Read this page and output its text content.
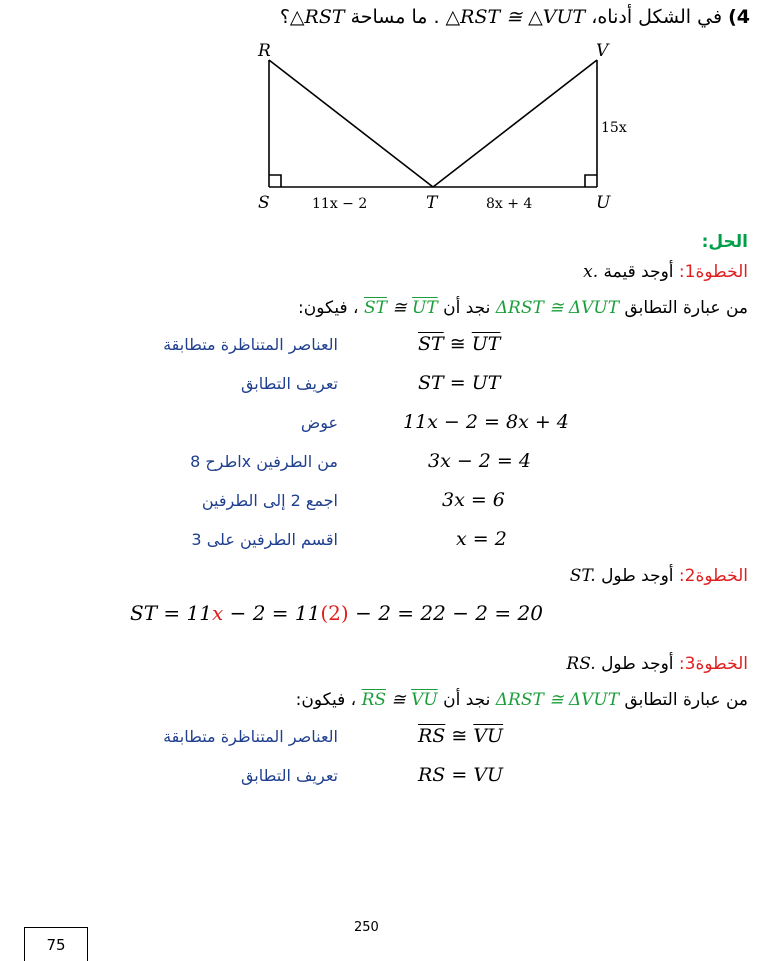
4) في الشكل أدناه، △RST ≅ △VUT . ما مساحة △RST؟
R	V
S	T	U
15x
11x − 2	8x + 4
الحل:
الخطوة1: أوجد قيمة x.
من عبارة التطابق ΔRST ≅ ΔVUT نجد أن $\overline{ST}$ ≅ $\overline{UT}$ ، فيكون:
العناصر المتناظرة متطابقة	$\overline{ST}$ ≅ $\overline{UT}$
تعريف التطابق	ST = UT
عوض	11x − 2 = 8x + 4
اطرح 8x من الطرفين	3x − 2 = 4
اجمع 2 إلى الطرفين	3x = 6
اقسم الطرفين على 3	x = 2
الخطوة2: أوجد طول ST.
ST = 11x − 2 = 11(2) − 2 = 22 − 2 = 20
الخطوة3: أوجد طول RS.
من عبارة التطابق ΔRST ≅ ΔVUT نجد أن $\overline{RS}$ ≅ $\overline{VU}$ ، فيكون:
العناصر المتناظرة متطابقة	$\overline{RS}$ ≅ $\overline{VU}$
تعريف التطابق	RS = VU
250
75
